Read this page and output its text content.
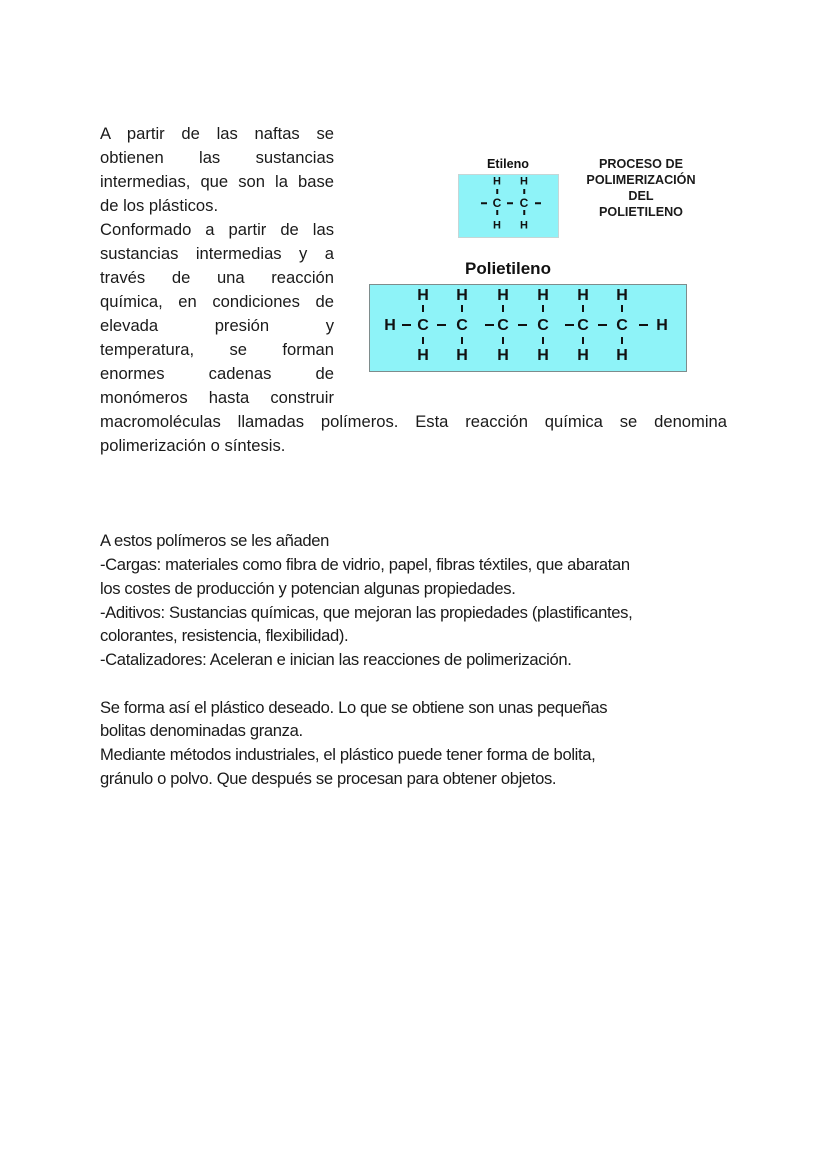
A partir de las naftas se
obtienen las sustancias
intermedias, que son la base
de los plásticos.
Conformado a partir de las
sustancias intermedias y a
través de una reacción
química, en condiciones de
elevada presión y
temperatura, se forman
enormes cadenas de
monómeros hasta construir
macromoléculas llamadas polímeros. Esta reacción química se denomina
polimerización o síntesis.
Etileno
H H
C C
H H
PROCESO DE
POLIMERIZACIÓN
DEL
POLIETILENO
Polietileno
H
H
C
H
H
C
H
H
C
H
H
C
H
H
C
H
H
C
H
H
A estos polímeros se les añaden
-Cargas: materiales como fibra de vidrio, papel, fibras téxtiles, que abaratan
los costes de producción y potencian algunas propiedades.
-Aditivos: Sustancias químicas, que mejoran las propiedades (plastificantes,
colorantes, resistencia, flexibilidad).
-Catalizadores: Aceleran e inician las reacciones de polimerización.
Se forma así el plástico deseado. Lo que se obtiene son unas pequeñas
bolitas denominadas granza.
Mediante métodos industriales, el plástico puede tener forma de bolita,
gránulo o polvo. Que después se procesan para obtener objetos.
